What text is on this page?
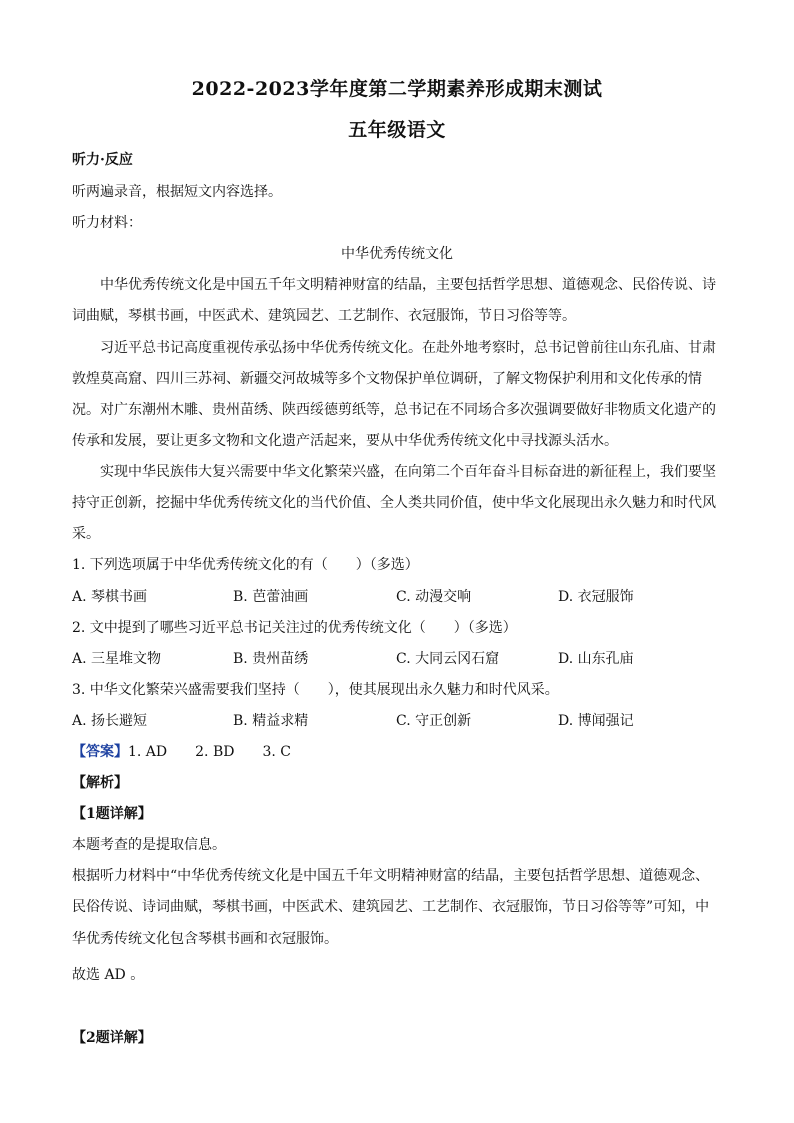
2022-2023学年度第二学期素养形成期末测试
五年级语文
听力·反应
听两遍录音，根据短文内容选择。
听力材料：
中华优秀传统文化
中华优秀传统文化是中国五千年文明精神财富的结晶，主要包括哲学思想、道德观念、民俗传说、诗
词曲赋，琴棋书画，中医武术、建筑园艺、工艺制作、衣冠服饰，节日习俗等等。
习近平总书记高度重视传承弘扬中华优秀传统文化。在赴外地考察时，总书记曾前往山东孔庙、甘肃
敦煌莫高窟、四川三苏祠、新疆交河故城等多个文物保护单位调研，了解文物保护利用和文化传承的情
况。对广东潮州木雕、贵州苗绣、陕西绥德剪纸等，总书记在不同场合多次强调要做好非物质文化遗产的
传承和发展，要让更多文物和文化遗产活起来，要从中华优秀传统文化中寻找源头活水。
实现中华民族伟大复兴需要中华文化繁荣兴盛，在向第二个百年奋斗目标奋进的新征程上，我们要坚
持守正创新，挖掘中华优秀传统文化的当代价值、全人类共同价值，使中华文化展现出永久魅力和时代风
采。
1. 下列选项属于中华优秀传统文化的有（　　）（多选）
A. 琴棋书画	B. 芭蕾油画	C. 动漫交响	D. 衣冠服饰
2. 文中提到了哪些习近平总书记关注过的优秀传统文化（　　）（多选）
A. 三星堆文物	B. 贵州苗绣	C. 大同云冈石窟	D. 山东孔庙
3. 中华文化繁荣兴盛需要我们坚持（　　），使其展现出永久魅力和时代风采。
A. 扬长避短	B. 精益求精	C. 守正创新	D. 博闻强记
【答案】1. AD　　2. BD　　3. C
【解析】
【1题详解】
本题考查的是提取信息。
根据听力材料中“中华优秀传统文化是中国五千年文明精神财富的结晶，主要包括哲学思想、道德观念、
民俗传说、诗词曲赋，琴棋书画，中医武术、建筑园艺、工艺制作、衣冠服饰，节日习俗等等”可知，中
华优秀传统文化包含琴棋书画和衣冠服饰。
故选 AD 。
【2题详解】
